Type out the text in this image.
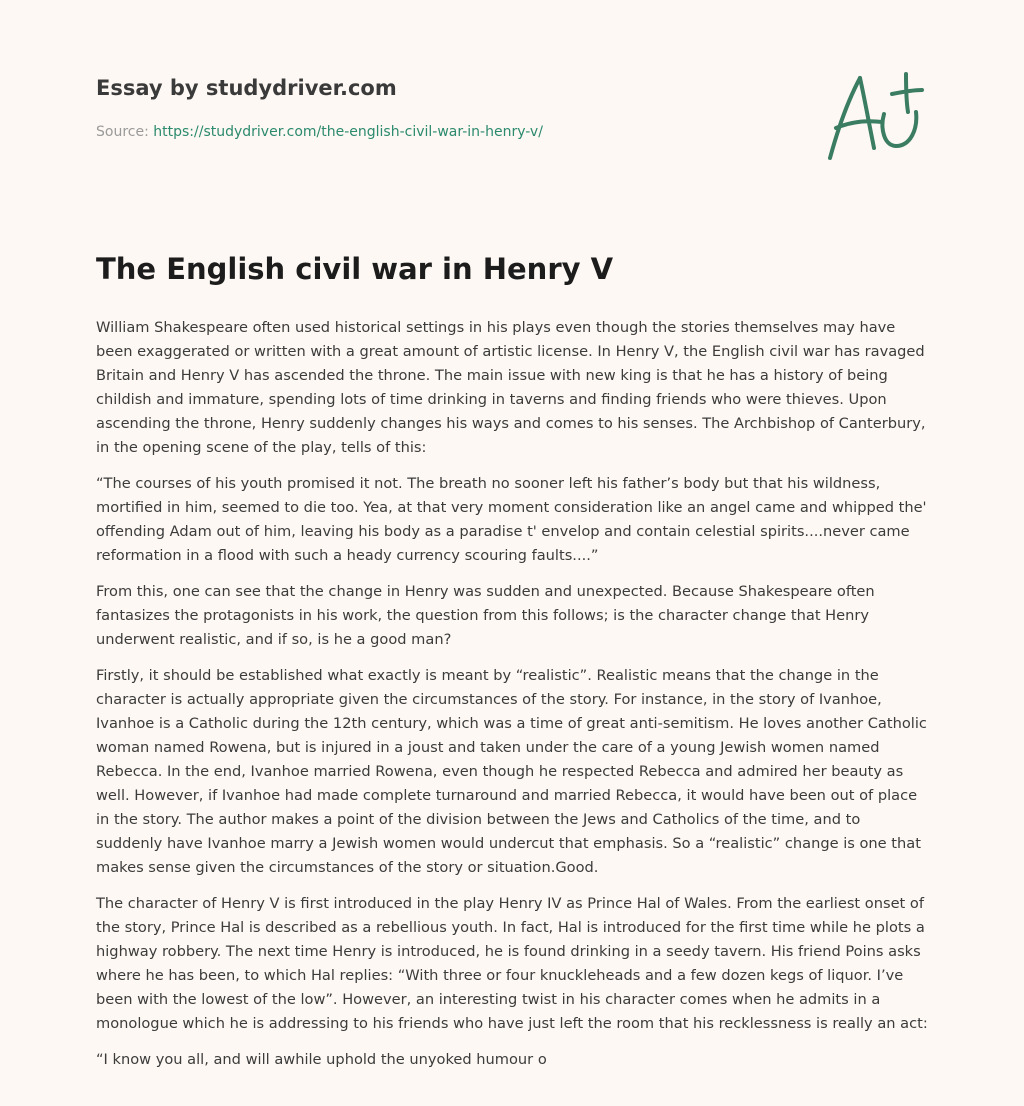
Essay by studydriver.com
Source: https://studydriver.com/the-english-civil-war-in-henry-v/
The English civil war in Henry V

William Shakespeare often used historical settings in his plays even though the stories themselves may have been exaggerated or written with a great amount of artistic license. In Henry V, the English civil war has ravaged Britain and Henry V has ascended the throne. The main issue with new king is that he has a history of being childish and immature, spending lots of time drinking in taverns and finding friends who were thieves. Upon ascending the throne, Henry suddenly changes his ways and comes to his senses. The Archbishop of Canterbury, in the opening scene of the play, tells of this:

“The courses of his youth promised it not. The breath no sooner left his father’s body but that his wildness, mortified in him, seemed to die too. Yea, at that very moment consideration like an angel came and whipped the' offending Adam out of him, leaving his body as a paradise t' envelop and contain celestial spirits....never came reformation in a flood with such a heady currency scouring faults....”

From this, one can see that the change in Henry was sudden and unexpected. Because Shakespeare often fantasizes the protagonists in his work, the question from this follows; is the character change that Henry underwent realistic, and if so, is he a good man?

Firstly, it should be established what exactly is meant by “realistic”. Realistic means that the change in the character is actually appropriate given the circumstances of the story. For instance, in the story of Ivanhoe, Ivanhoe is a Catholic during the 12th century, which was a time of great anti-semitism. He loves another Catholic woman named Rowena, but is injured in a joust and taken under the care of a young Jewish women named Rebecca. In the end, Ivanhoe married Rowena, even though he respected Rebecca and admired her beauty as well. However, if Ivanhoe had made complete turnaround and married Rebecca, it would have been out of place in the story. The author makes a point of the division between the Jews and Catholics of the time, and to suddenly have Ivanhoe marry a Jewish women would undercut that emphasis. So a “realistic” change is one that makes sense given the circumstances of the story or situation.Good.

The character of Henry V is first introduced in the play Henry IV as Prince Hal of Wales. From the earliest onset of the story, Prince Hal is described as a rebellious youth. In fact, Hal is introduced for the first time while he plots a highway robbery. The next time Henry is introduced, he is found drinking in a seedy tavern. His friend Poins asks where he has been, to which Hal replies: “With three or four knuckleheads and a few dozen kegs of liquor. I’ve been with the lowest of the low”. However, an interesting twist in his character comes when he admits in a monologue which he is addressing to his friends who have just left the room that his recklessness is really an act:

“I know you all, and will awhile uphold the unyoked humour o
